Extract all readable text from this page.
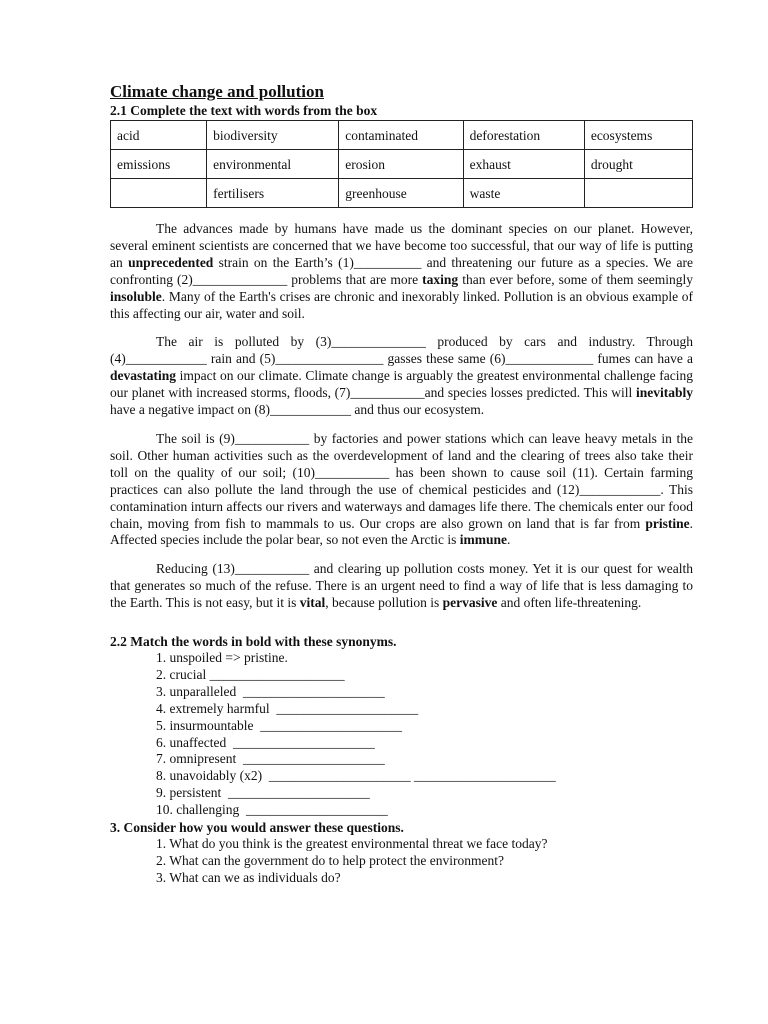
Climate change and pollution

2.1 Complete the text with words from the box

acid	biodiversity	contaminated	deforestation	ecosystems
emissions	environmental	erosion	exhaust	drought
	fertilisers	greenhouse	waste	

The advances made by humans have made us the dominant species on our planet. However, several eminent scientists are concerned that we have become too successful, that our way of life is putting an unprecedented strain on the Earth’s (1)__________ and threatening our future as a species. We are confronting (2)______________ problems that are more taxing than ever before, some of them seemingly insoluble. Many of the Earth's crises are chronic and inexorably linked. Pollution is an obvious example of this affecting our air, water and soil.

The air is polluted by (3)______________ produced by cars and industry. Through (4)____________ rain and (5)________________ gasses these same (6)_____________ fumes can have a devastating impact on our climate. Climate change is arguably the greatest environmental challenge facing our planet with increased storms, floods, (7)___________and species losses predicted. This will inevitably have a negative impact on (8)____________ and thus our ecosystem.

The soil is (9)___________ by factories and power stations which can leave heavy metals in the soil. Other human activities such as the overdevelopment of land and the clearing of trees also take their toll on the quality of our soil; (10)___________ has been shown to cause soil (11). Certain farming practices can also pollute the land through the use of chemical pesticides and (12)____________. This contamination inturn affects our rivers and waterways and damages life there. The chemicals enter our food chain, moving from fish to mammals to us. Our crops are also grown on land that is far from pristine. Affected species include the polar bear, so not even the Arctic is immune.

Reducing (13)___________ and clearing up pollution costs money. Yet it is our quest for wealth that generates so much of the refuse. There is an urgent need to find a way of life that is less damaging to the Earth. This is not easy, but it is vital, because pollution is pervasive and often life-threatening.

2.2 Match the words in bold with these synonyms.

1. unspoiled => pristine.
2. crucial ____________________
3. unparalleled  _____________________
4. extremely harmful  _____________________
5. insurmountable  _____________________
6. unaffected  _____________________
7. omnipresent  _____________________
8. unavoidably (x2)  _____________________ _____________________
9. persistent  _____________________
10. challenging  _____________________

3. Consider how you would answer these questions.

1. What do you think is the greatest environmental threat we face today?
2. What can the government do to help protect the environment?
3. What can we as individuals do?
